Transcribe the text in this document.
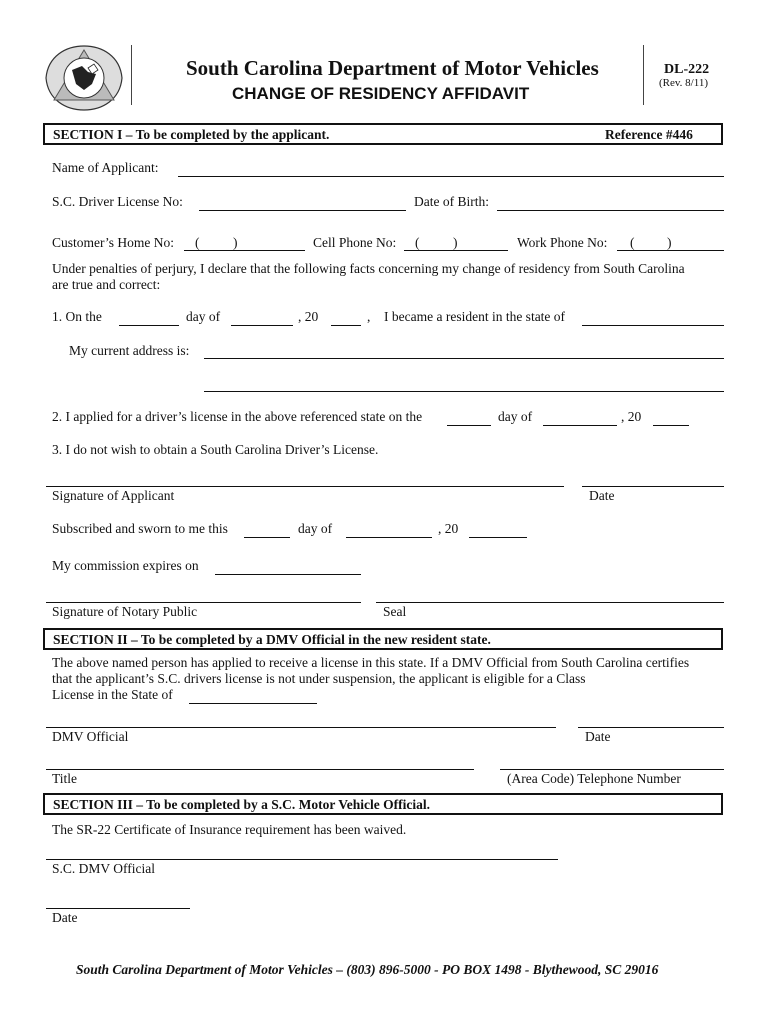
South Carolina Department of Motor Vehicles
CHANGE OF RESIDENCY AFFIDAVIT
DL-222
(Rev. 8/11)
SECTION I – To be completed by the applicant.	Reference #446
Name of Applicant:
S.C. Driver License No:	Date of Birth:
Customer’s Home No: ( )	Cell Phone No: ( )	Work Phone No: ( )
Under penalties of perjury, I declare that the following facts concerning my change of residency from South Carolina
are true and correct:
1. On the	day of	, 20	, I became a resident in the state of
My current address is:
2. I applied for a driver’s license in the above referenced state on the	day of	, 20
3. I do not wish to obtain a South Carolina Driver’s License.
Signature of Applicant	Date
Subscribed and sworn to me this	day of	, 20
My commission expires on
Signature of Notary Public	Seal
SECTION II – To be completed by a DMV Official in the new resident state.
The above named person has applied to receive a license in this state. If a DMV Official from South Carolina certifies
that the applicant’s S.C. drivers license is not under suspension, the applicant is eligible for a Class
License in the State of
DMV Official	Date
Title	(Area Code) Telephone Number
SECTION III – To be completed by a S.C. Motor Vehicle Official.
The SR-22 Certificate of Insurance requirement has been waived.
S.C. DMV Official
Date
South Carolina Department of Motor Vehicles – (803) 896-5000 - PO BOX 1498 - Blythewood, SC 29016
